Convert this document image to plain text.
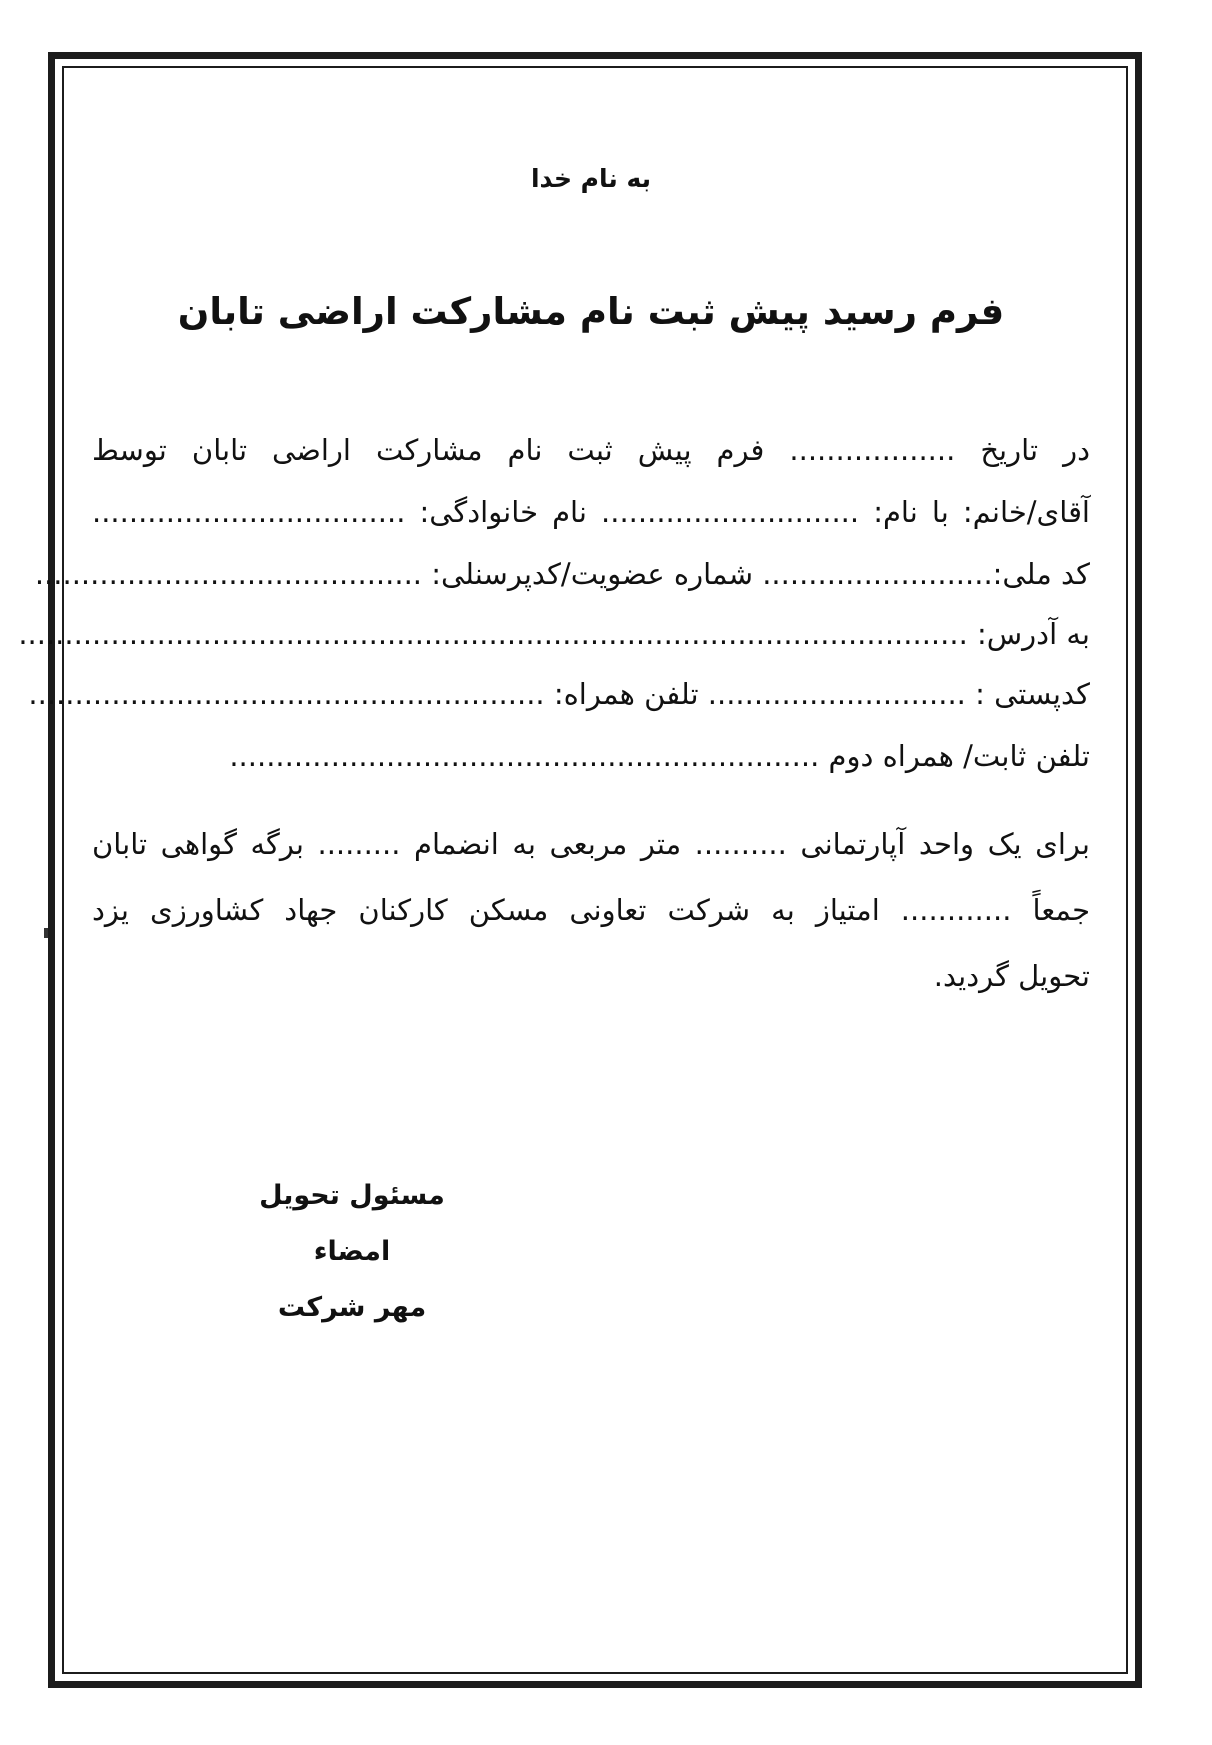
به نام خدا
فرم رسید پیش ثبت نام مشارکت اراضی تابان
در تاریخ .................. فرم پیش ثبت نام مشارکت اراضی تابان توسط
آقای/خانم: با نام: ............................ نام خانوادگی: ..................................
کد ملی:......................... شماره عضویت/کدپرسنلی: ..........................................
به آدرس: .......................................................................................................
کدپستی : ............................ تلفن همراه: ........................................................
تلفن ثابت/ همراه دوم ................................................................
برای یک واحد آپارتمانی .......... متر مربعی به انضمام ......... برگه گواهی تابان
جمعاً ............ امتیاز به شرکت تعاونی مسکن کارکنان جهاد کشاورزی یزد
تحویل گردید.
مسئول تحویل
امضاء
مهر شرکت
